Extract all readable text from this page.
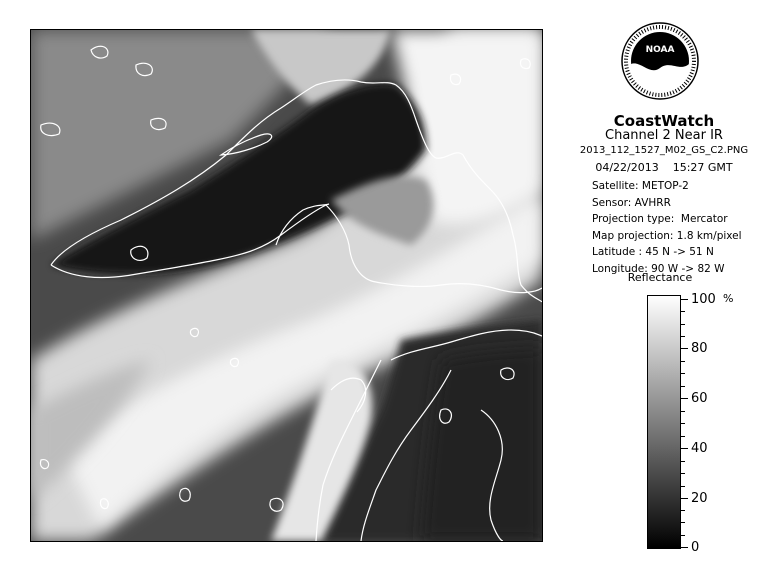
NOAA
CoastWatch
Channel 2 Near IR
2013_112_1527_M02_GS_C2.PNG
04/22/2013    15:27 GMT
Satellite: METOP-2
Sensor: AVHRR
Projection type:  Mercator
Map projection: 1.8 km/pixel
Latitude : 45 N -> 51 N
Longitude: 90 W -> 82 W
Reflectance
%
100
80
60
40
20
0
